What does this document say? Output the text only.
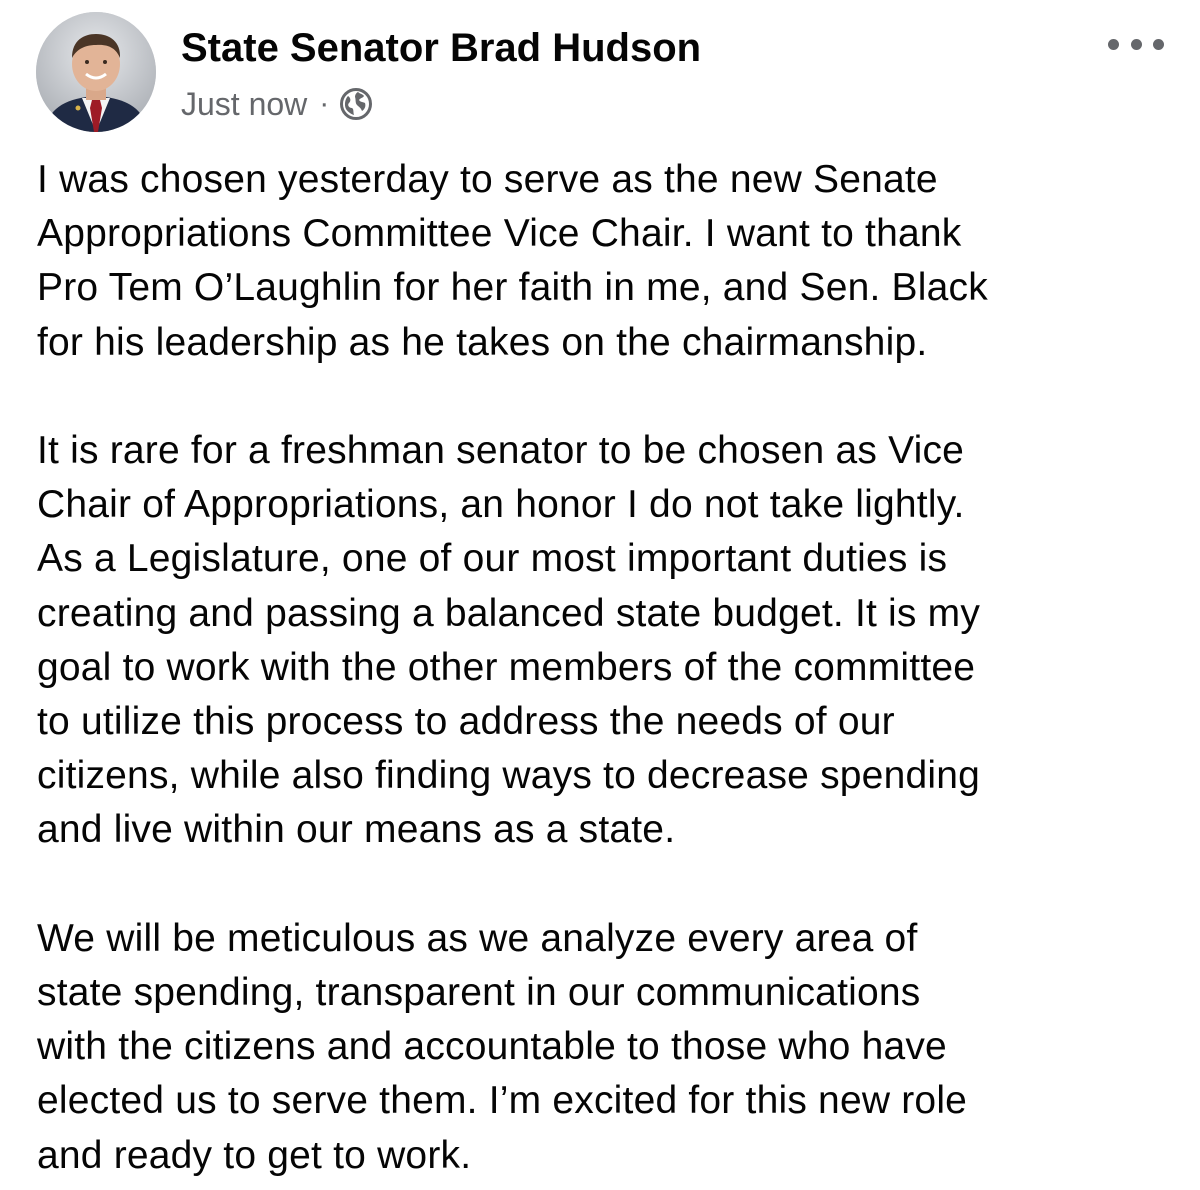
State Senator Brad Hudson
Just now ·

I was chosen yesterday to serve as the new Senate
Appropriations Committee Vice Chair. I want to thank
Pro Tem O’Laughlin for her faith in me, and Sen. Black
for his leadership as he takes on the chairmanship.

It is rare for a freshman senator to be chosen as Vice
Chair of Appropriations, an honor I do not take lightly.
As a Legislature, one of our most important duties is
creating and passing a balanced state budget. It is my
goal to work with the other members of the committee
to utilize this process to address the needs of our
citizens, while also finding ways to decrease spending
and live within our means as a state.

We will be meticulous as we analyze every area of
state spending, transparent in our communications
with the citizens and accountable to those who have
elected us to serve them. I’m excited for this new role
and ready to get to work.
